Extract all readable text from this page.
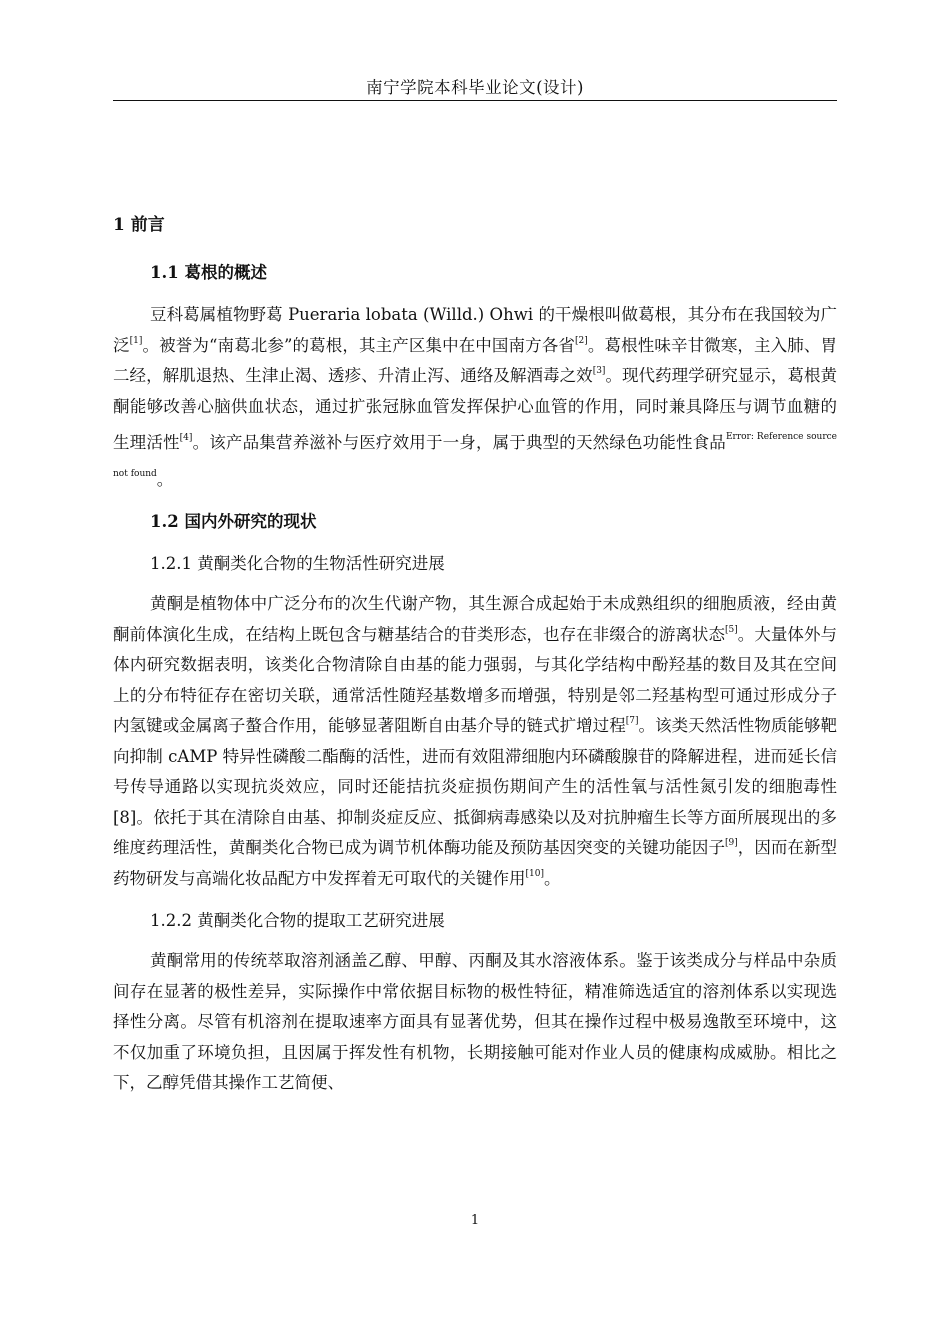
南宁学院本科毕业论文(设计)
1 前言
1.1 葛根的概述

豆科葛属植物野葛 Pueraria lobata (Willd.) Ohwi 的干燥根叫做葛根，其分布在我国较为广泛[1]。被誉为“南葛北参”的葛根，其主产区集中在中国南方各省[2]。葛根性味辛甘微寒，主入肺、胃二经，解肌退热、生津止渴、透疹、升清止泻、通络及解酒毒之效[3]。现代药理学研究显示，葛根黄酮能够改善心脑供血状态，通过扩张冠脉血管发挥保护心血管的作用，同时兼具降压与调节血糖的生理活性[4]。该产品集营养滋补与医疗效用于一身，属于典型的天然绿色功能性食品$^{Error: Reference source not found}$。

1.2 国内外研究的现状
1.2.1 黄酮类化合物的生物活性研究进展

黄酮是植物体中广泛分布的次生代谢产物，其生源合成起始于未成熟组织的细胞质液，经由黄酮前体演化生成，在结构上既包含与糖基结合的苷类形态，也存在非缀合的游离状态[5]。大量体外与体内研究数据表明，该类化合物清除自由基的能力强弱，与其化学结构中酚羟基的数目及其在空间上的分布特征存在密切关联，通常活性随羟基数增多而增强，特别是邻二羟基构型可通过形成分子内氢键或金属离子螯合作用，能够显著阻断自由基介导的链式扩增过程[7]。该类天然活性物质能够靶向抑制 cAMP 特异性磷酸二酯酶的活性，进而有效阻滞细胞内环磷酸腺苷的降解进程，进而延长信号传导通路以实现抗炎效应，同时还能拮抗炎症损伤期间产生的活性氧与活性氮引发的细胞毒性[8]。依托于其在清除自由基、抑制炎症反应、抵御病毒感染以及对抗肿瘤生长等方面所展现出的多维度药理活性，黄酮类化合物已成为调节机体酶功能及预防基因突变的关键功能因子[9]，因而在新型药物研发与高端化妆品配方中发挥着无可取代的关键作用[10]。

1.2.2 黄酮类化合物的提取工艺研究进展

黄酮常用的传统萃取溶剂涵盖乙醇、甲醇、丙酮及其水溶液体系。鉴于该类成分与样品中杂质间存在显著的极性差异，实际操作中常依据目标物的极性特征，精准筛选适宜的溶剂体系以实现选择性分离。尽管有机溶剂在提取速率方面具有显著优势，但其在操作过程中极易逸散至环境中，这不仅加重了环境负担，且因属于挥发性有机物，长期接触可能对作业人员的健康构成威胁。相比之下，乙醇凭借其操作工艺简便、

1
